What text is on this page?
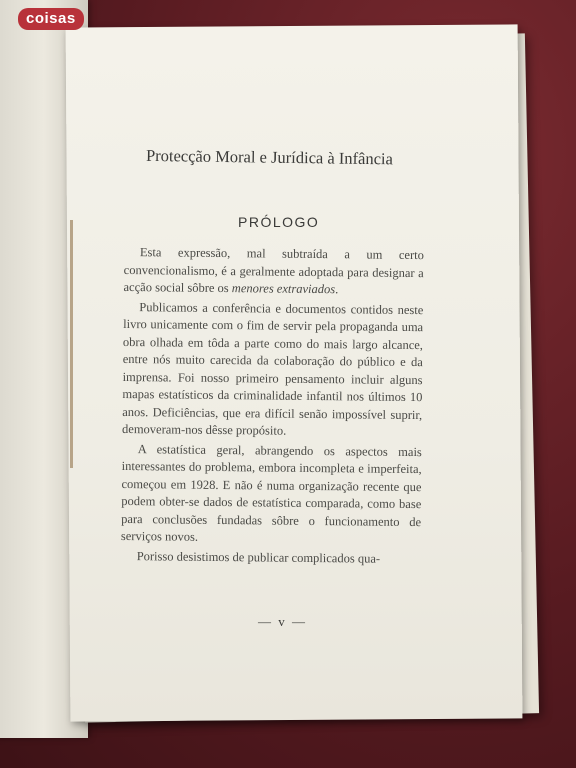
coisas
Protecção Moral e Jurídica à Infância
PRÓLOGO

Esta expressão, mal subtraída a um certo convencionalismo, é a geralmente adoptada para designar a acção social sôbre os menores extraviados.

Publicamos a conferência e documentos contidos neste livro unicamente com o fim de servir pela propaganda uma obra olhada em tôda a parte como do mais largo alcance, entre nós muito carecida da colaboração do público e da imprensa. Foi nosso primeiro pensamento incluir alguns mapas estatísticos da criminalidade infantil nos últimos 10 anos. Deficiências, que era difícil senão impossível suprir, demoveram-nos dêsse propósito.

A estatística geral, abrangendo os aspectos mais interessantes do problema, embora incompleta e imperfeita, começou em 1928. E não é numa organização recente que podem obter-se dados de estatística comparada, como base para conclusões fundadas sôbre o funcionamento de serviços novos.

Porisso desistimos de publicar complicados qua-

— v —
